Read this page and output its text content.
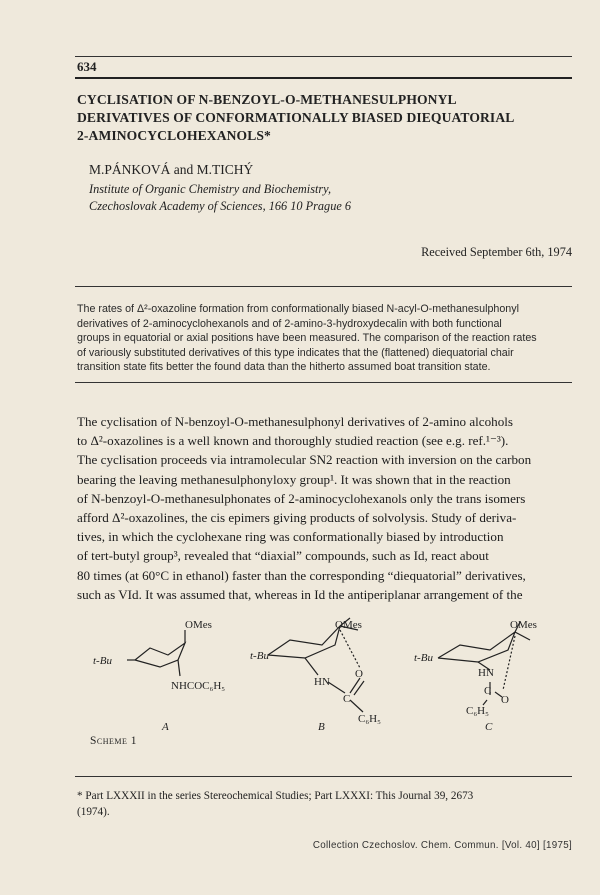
634
CYCLISATION OF N-BENZOYL-O-METHANESULPHONYL
DERIVATIVES OF CONFORMATIONALLY BIASED DIEQUATORIAL
2-AMINOCYCLOHEXANOLS*
M.PÁNKOVÁ and M.TICHÝ
Institute of Organic Chemistry and Biochemistry,
Czechoslovak Academy of Sciences, 166 10 Prague 6
Received September 6th, 1974
The rates of Δ²-oxazoline formation from conformationally biased N-acyl-O-methanesulphonyl
derivatives of 2-aminocyclohexanols and of 2-amino-3-hydroxydecalin with both functional
groups in equatorial or axial positions have been measured. The comparison of the reaction rates
of variously substituted derivatives of this type indicates that the (flattened) diequatorial chair
transition state fits better the found data than the hitherto assumed boat transition state.
The cyclisation of N-benzoyl-O-methanesulphonyl derivatives of 2-amino alcohols
to Δ²-oxazolines is a well known and thoroughly studied reaction (see e.g. ref.¹⁻³).
The cyclisation proceeds via intramolecular SN2 reaction with inversion on the carbon
bearing the leaving methanesulphonyloxy group¹. It was shown that in the reaction
of N-benzoyl-O-methanesulphonates of 2-aminocyclohexanols only the trans isomers
afford Δ²-oxazolines, the cis epimers giving products of solvolysis. Study of deriva-
tives, in which the cyclohexane ring was conformationally biased by introduction
of tert-butyl group³, revealed that “diaxial” compounds, such as Id, react about
80 times (at 60°C in ethanol) faster than the corresponding “diequatorial” derivatives,
such as VId. It was assumed that, whereas in Id the antiperiplanar arrangement of the
OMes
t-Bu
NHCOC₆H₅
A
OMes
t-Bu
HN
O
C
C₆H₅
B
OMes
t-Bu
HN
C
O
C₆H₅
C
Scheme 1
* Part LXXXII in the series Stereochemical Studies; Part LXXXI: This Journal 39, 2673
(1974).
Collection Czechoslov. Chem. Commun. [Vol. 40] [1975]
